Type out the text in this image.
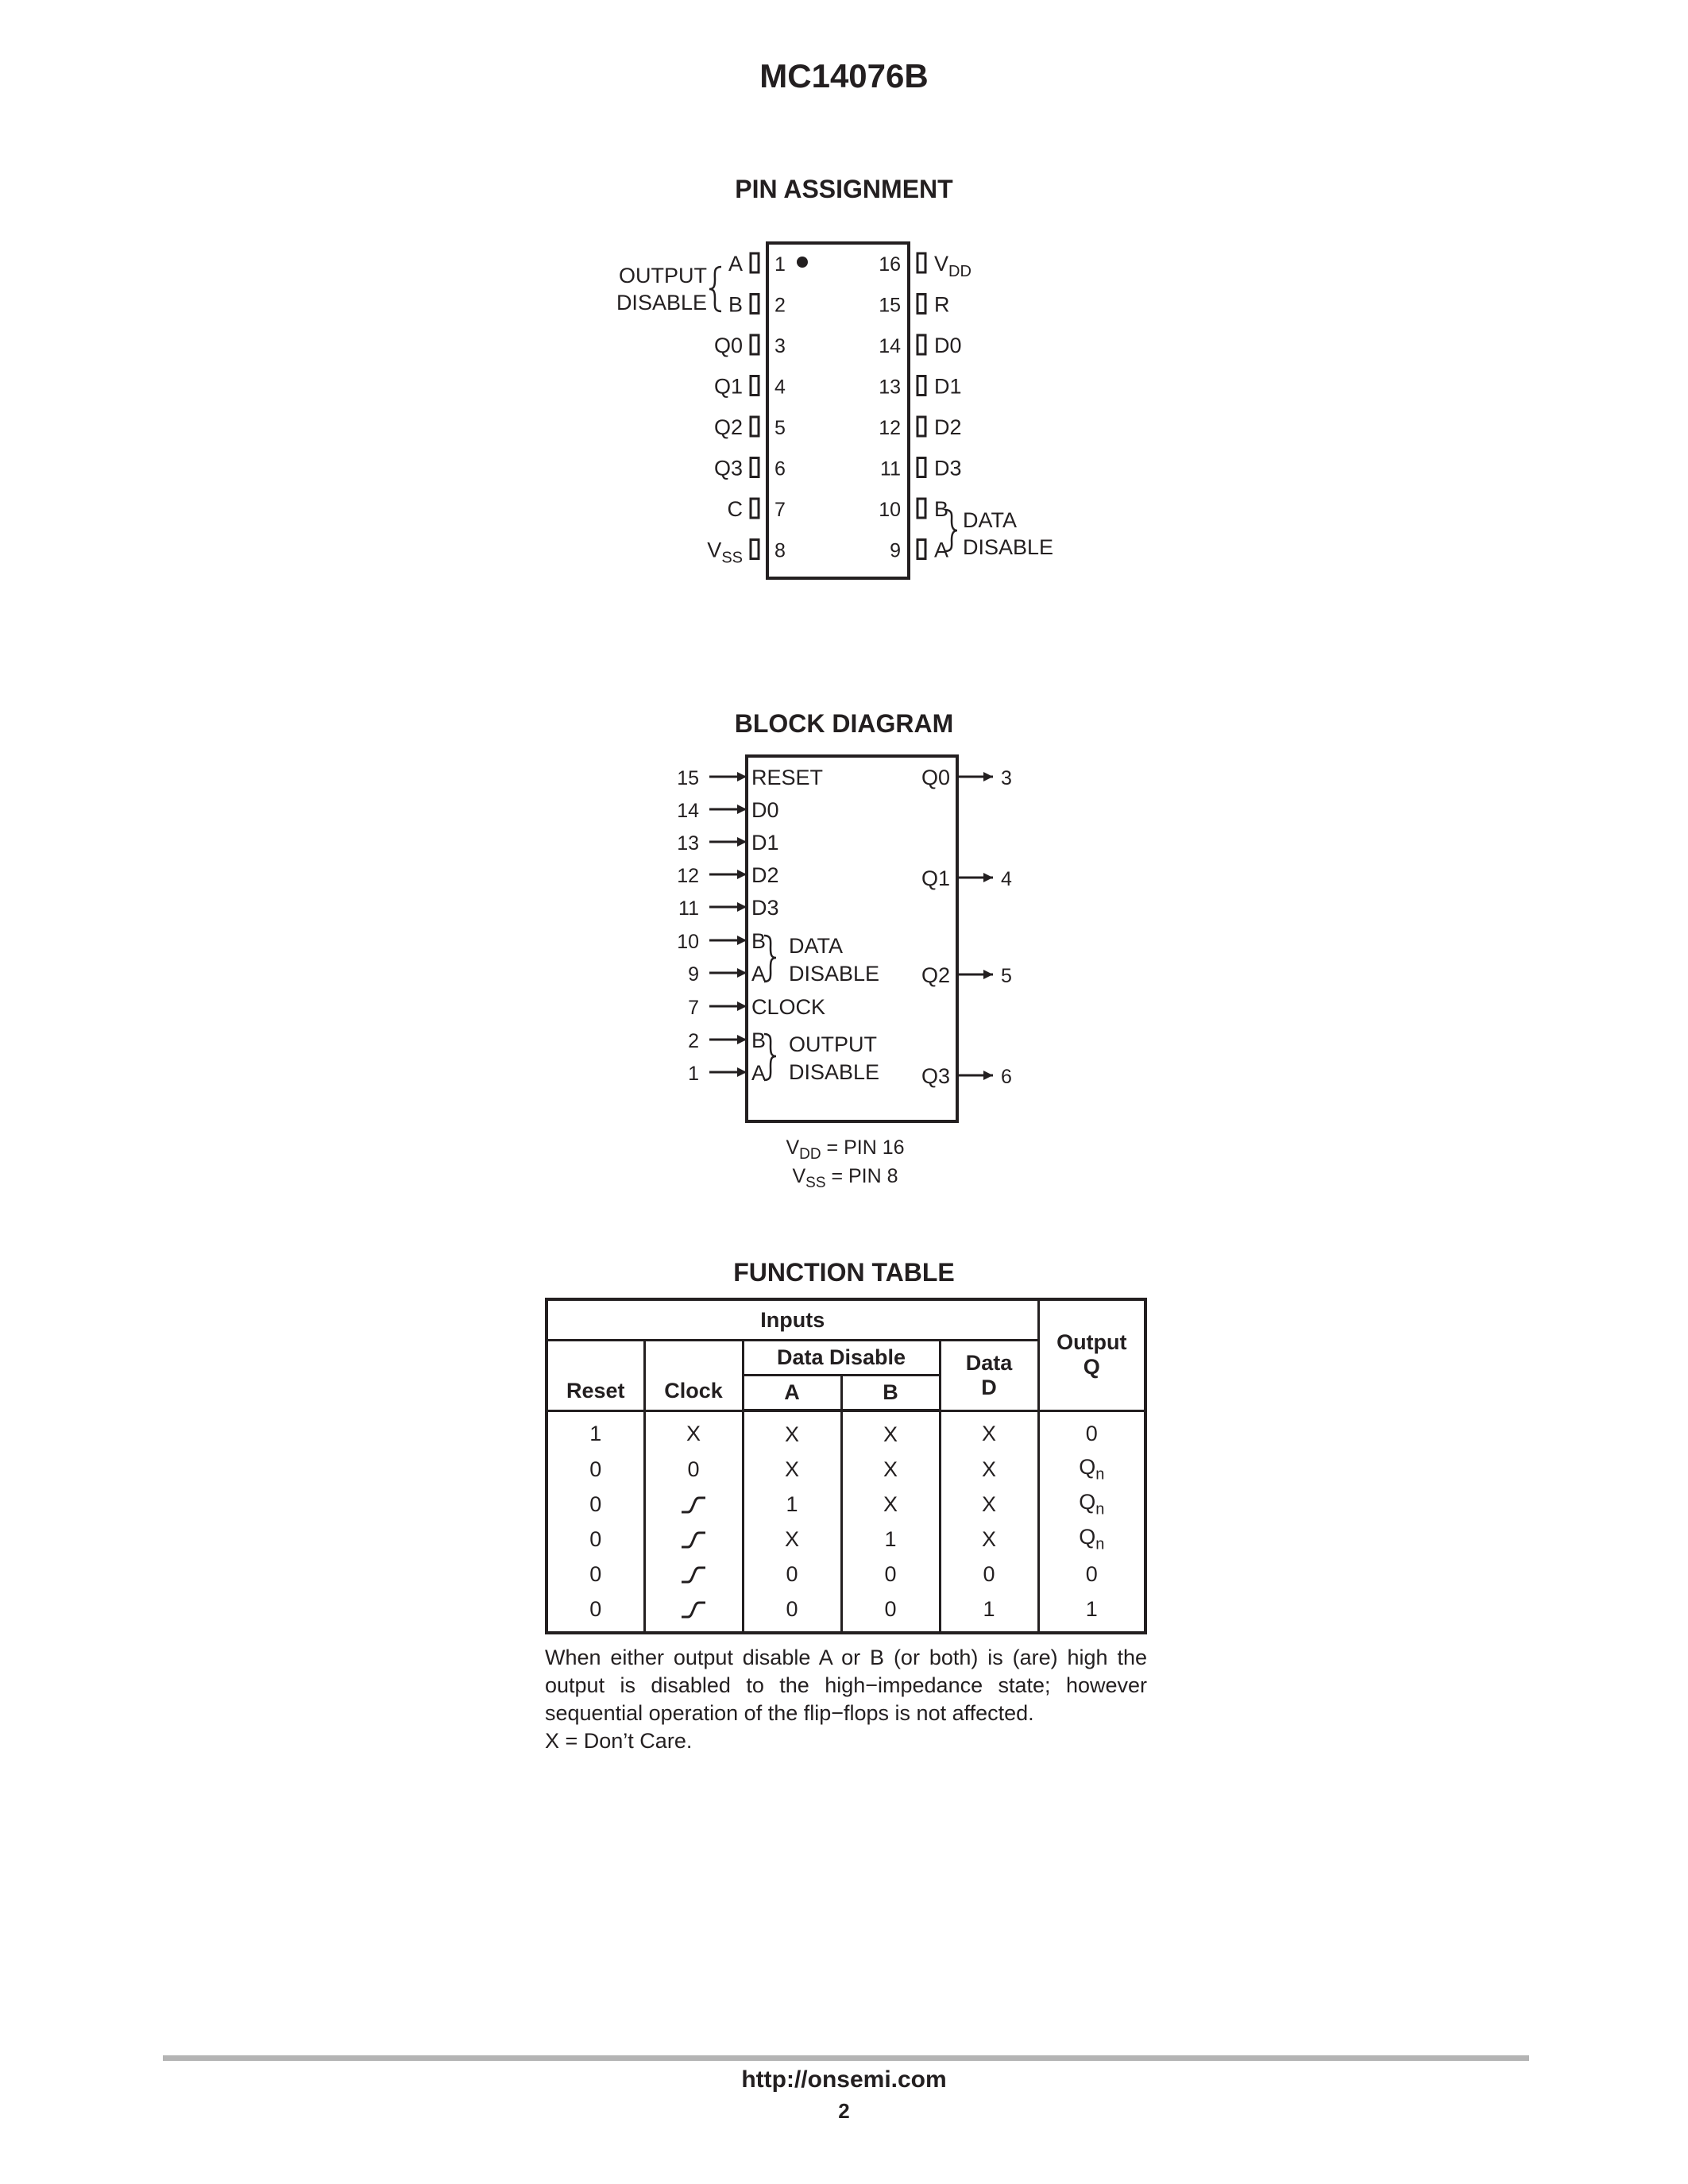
MC14076B
PIN ASSIGNMENT
A 1
B 2
Q0 3
Q1 4
Q2 5
Q3 6
C 7
$V_{SS}$ 8
$V_{DD}$
16
R
15
D0
14
D1
13
D2
12
D3
11
B
10
A
9
OUTPUT
DISABLE
DATA
DISABLE
BLOCK DIAGRAM
15 RESET
14 D0
13 D1
12 D2
11 D3
10 B
9 A
7 CLOCK
2 B
1 A
Q0	3
Q1	4
Q2	5
Q3	6
DATA
DISABLE
OUTPUT
DISABLE
$V_{DD}$ = PIN 16
$V_{SS}$ = PIN 8
FUNCTION TABLE
Inputs					Output
Q
Reset	Clock	Data Disable		Data
D	
		A	B		
1	X	X	X	X	0
0	0	X	X	X	$Q_n$
0		1	X	X	$Q_n$
0		X	1	X	$Q_n$
0		0	0	0	0
0		0	0	1	1
When either output disable A or B (or both) is (are) high the output is disabled to the high−impedance state; however sequential operation of the flip−flops is not affected.
X = Don’t Care.
http://onsemi.com
2
